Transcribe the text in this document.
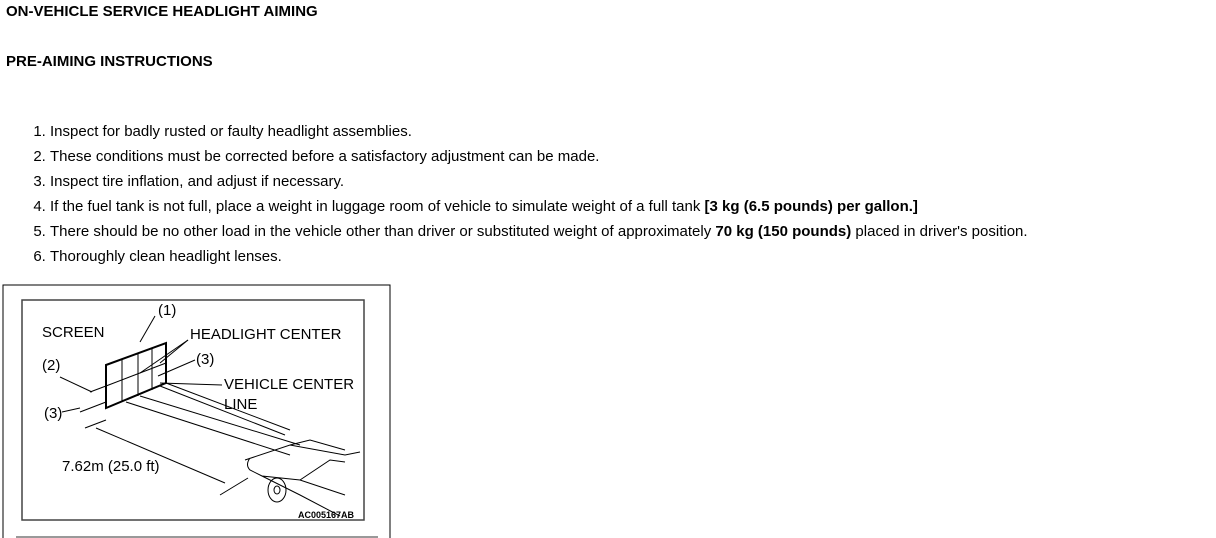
ON-VEHICLE SERVICE HEADLIGHT AIMING
PRE-AIMING INSTRUCTIONS
1. Inspect for badly rusted or faulty headlight assemblies.
2. These conditions must be corrected before a satisfactory adjustment can be made.
3. Inspect tire inflation, and adjust if necessary.
4. If the fuel tank is not full, place a weight in luggage room of vehicle to simulate weight of a full tank [3 kg (6.5 pounds) per gallon.]
5. There should be no other load in the vehicle other than driver or substituted weight of approximately 70 kg (150 pounds) placed in driver's position.
6. Thoroughly clean headlight lenses.
SCREEN
(1)
HEADLIGHT CENTER
(2)	(3)
VEHICLE CENTER
LINE
(3)
7.62m (25.0 ft)
AC005167AB
